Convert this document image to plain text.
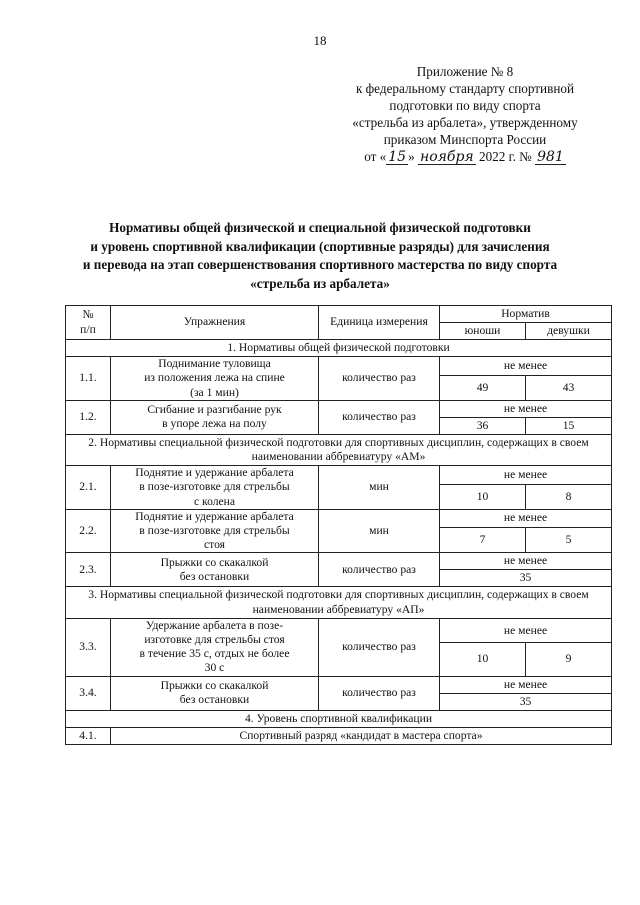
18
Приложение № 8
к федеральному стандарту спортивной
подготовки по виду спорта
«стрельба из арбалета», утвержденному
приказом Минспорта России
от « 15 » ноября 2022 г. № 981
Нормативы общей физической и специальной физической подготовки
и уровень спортивной квалификации (спортивные разряды) для зачисления
и перевода на этап совершенствования спортивного мастерства по виду спорта
«стрельба из арбалета»
№
п/п	Упражнения	Единица измерения	Норматив	
			юноши	девушки
1. Нормативы общей физической подготовки				
1.1.	Поднимание туловища
из положения лежа на спине
(за 1 мин)	количество раз	не менее	
			49	43
1.2.	Сгибание и разгибание рук
в упоре лежа на полу	количество раз	не менее	
			36	15
2. Нормативы специальной физической подготовки для спортивных дисциплин, содержащих в своем наименовании аббревиатуру «АМ»				
2.1.	Поднятие и удержание арбалета
в позе-изготовке для стрельбы
с колена	мин	не менее	
			10	8
2.2.	Поднятие и удержание арбалета
в позе-изготовке для стрельбы
стоя	мин	не менее	
			7	5
2.3.	Прыжки со скакалкой
без остановки	количество раз	не менее	
			35	
3. Нормативы специальной физической подготовки для спортивных дисциплин, содержащих в своем наименовании аббревиатуру «АП»				
3.3.	Удержание арбалета в позе-
изготовке для стрельбы стоя
в течение 35 с, отдых не более
30 с	количество раз	не менее	
			10	9
3.4.	Прыжки со скакалкой
без остановки	количество раз	не менее	
			35	
4. Уровень спортивной квалификации				
4.1.	Спортивный разряд «кандидат в мастера спорта»			
